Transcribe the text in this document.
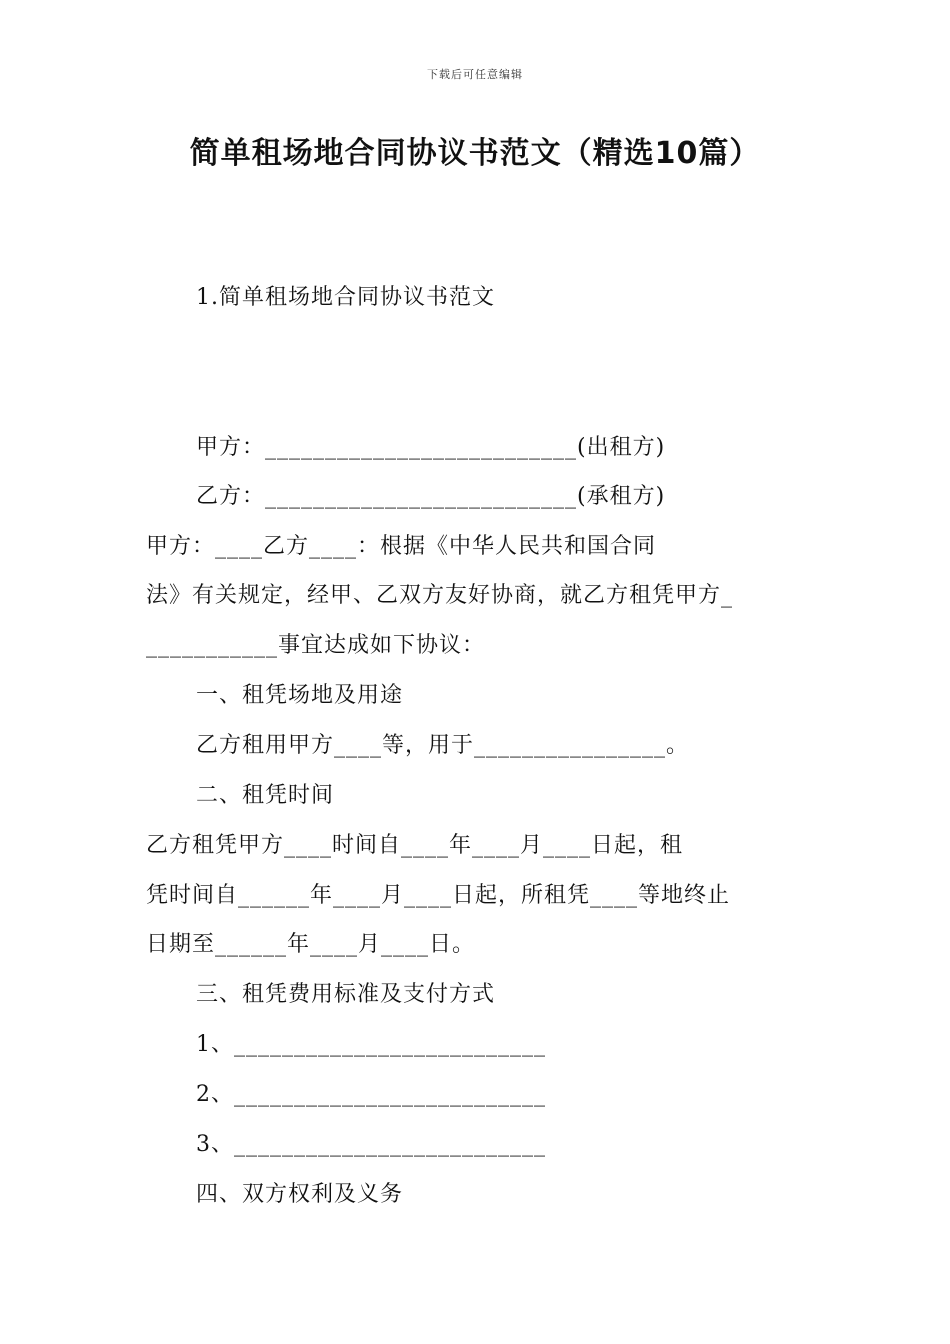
下载后可任意编辑
简单租场地合同协议书范文（精选10篇）
1.简单租场地合同协议书范文
甲方：__________________________(出租方)
乙方：__________________________(承租方)
甲方：____乙方____：根据《中华人民共和国合同
法》有关规定，经甲、乙双方友好协商，就乙方租凭甲方_
___________事宜达成如下协议：
一、租凭场地及用途
乙方租用甲方____等，用于________________。
二、租凭时间
乙方租凭甲方____时间自____年____月____日起，租
凭时间自______年____月____日起，所租凭____等地终止
日期至______年____月____日。
三、租凭费用标准及支付方式
1、__________________________
2、__________________________
3、__________________________
四、双方权利及义务
